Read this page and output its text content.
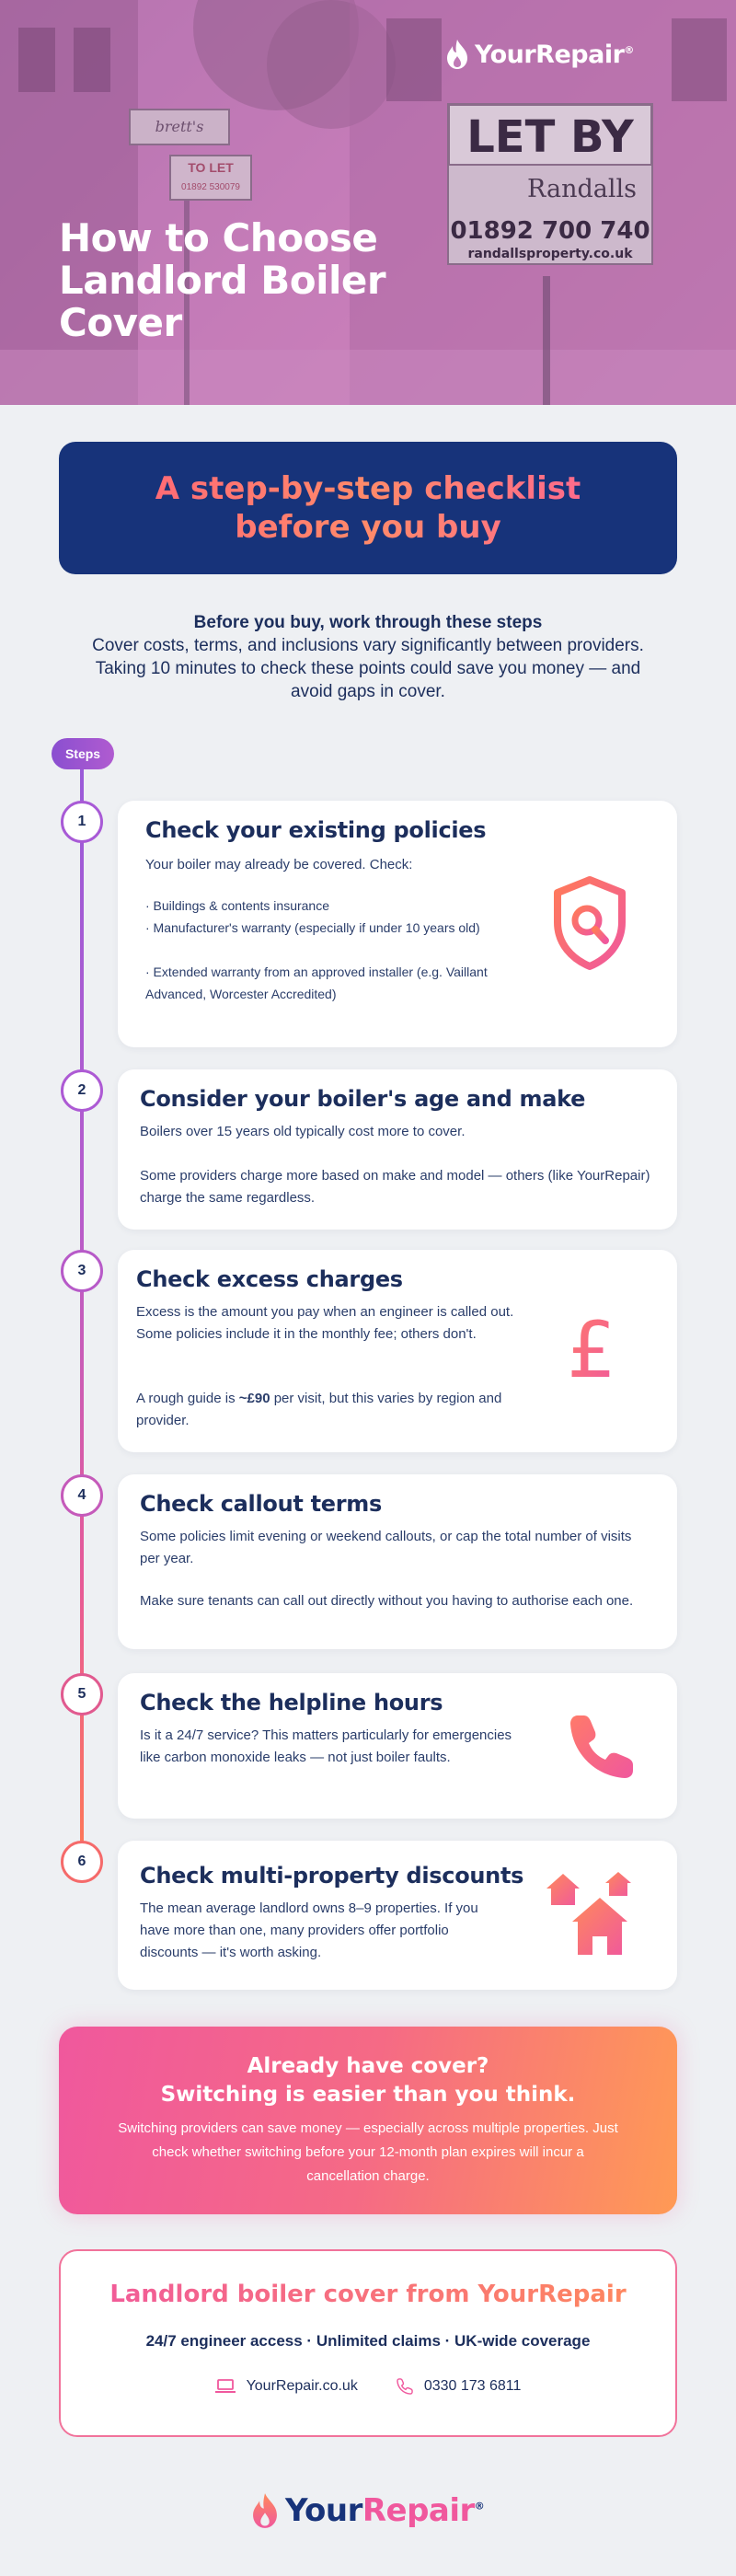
brett's
TO LET
01892 530079
LET BY
Randalls
01892 700 740
randallsproperty.co.uk
How to Choose Landlord Boiler Cover
YourRepair®
A step-by-step checklist
before you buy
Before you buy, work through these steps
Cover costs, terms, and inclusions vary significantly between providers. Taking 10 minutes to check these points could save you money — and avoid gaps in cover.
Steps
1	Check your existing policies

Your boiler may already be covered. Check:

· Buildings & contents insurance

· Manufacturer's warranty (especially if under 10 years old)

· Extended warranty from an approved installer (e.g. Vaillant Advanced, Worcester Accredited)

2	Consider your boiler's age and make

Boilers over 15 years old typically cost more to cover.

Some providers charge more based on make and model — others (like YourRepair) charge the same regardless.

3	Check excess charges

Excess is the amount you pay when an engineer is called out. Some policies include it in the monthly fee; others don't.

A rough guide is ~£90 per visit, but this varies by region and provider.

£
4	Check callout terms

Some policies limit evening or weekend callouts, or cap the total number of visits per year.

Make sure tenants can call out directly without you having to authorise each one.

5	Check the helpline hours

Is it a 24/7 service? This matters particularly for emergencies like carbon monoxide leaks — not just boiler faults.

6
Check multi-property discounts

The mean average landlord owns 8–9 properties. If you have more than one, many providers offer portfolio discounts — it's worth asking.

Already have cover?
Switching is easier than you think.
Switching providers can save money — especially across multiple properties. Just check whether switching before your 12-month plan expires will incur a cancellation charge.
Landlord boiler cover from YourRepair
24/7 engineer access · Unlimited claims · UK-wide coverage
YourRepair.co.uk	0330 173 6811
YourRepair®
